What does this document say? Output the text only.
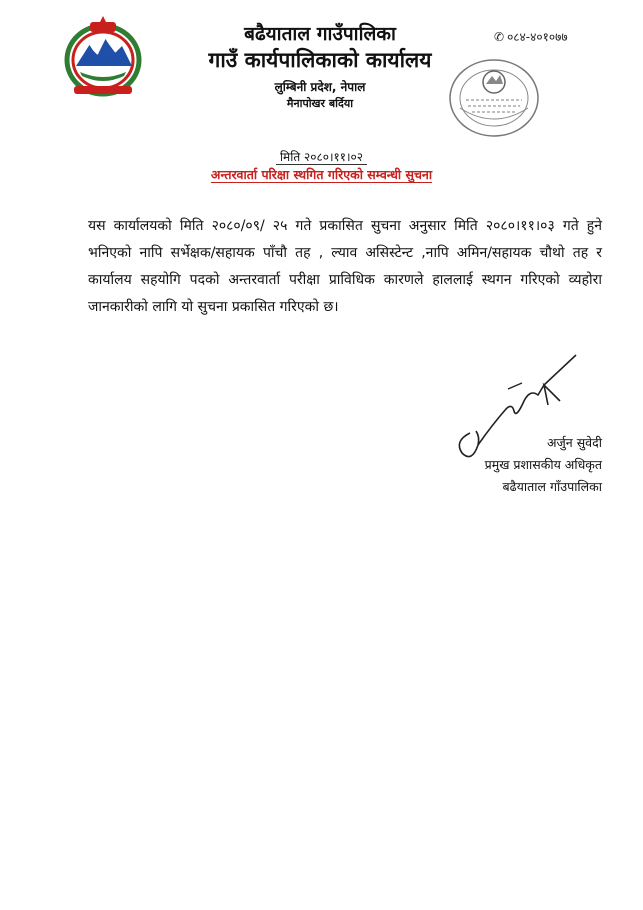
बढैयाताल गाउँपालिका
गाउँ कार्यपालिकाको कार्यालय
लुम्बिनी प्रदेश, नेपाल
मैनापोखर बर्दिया
✆ ०८४-४०१०७७
मिति २०८०।११।०२
अन्तरवार्ता परिक्षा स्थगित गरिएको सम्वन्धी सुचना
यस कार्यालयको मिति २०८०/०९/ २५ गते प्रकासित सुचना अनुसार मिति २०८०।११।०३ गते हुने भनिएको नापि सर्भेक्षक/सहायक पाँचौ तह , ल्याव असिस्टेन्ट ,नापि अमिन/सहायक चौथो तह र कार्यालय सहयोगि पदको अन्तरवार्ता परीक्षा प्राविधिक कारणले हाललाई स्थगन गरिएको व्यहोरा जानकारीको लागि यो सुचना प्रकासित गरिएको छ।
अर्जुन सुवेदी
प्रमुख प्रशासकीय अधिकृत
बढैयाताल गाँउपालिका
